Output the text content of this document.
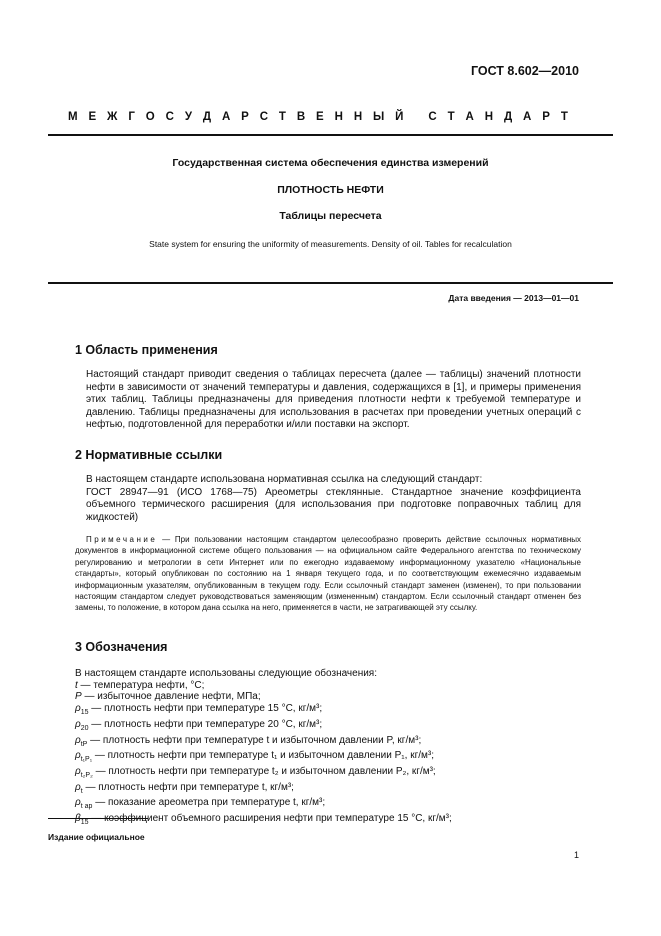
ГОСТ 8.602—2010
М Е Ж Г О С У Д А Р С Т В Е Н Н Ы Й
С Т А Н Д А Р Т
Государственная система обеспечения единства измерений
ПЛОТНОСТЬ НЕФТИ
Таблицы пересчета
State system for ensuring the uniformity of measurements. Density of oil. Tables for recalculation
Дата введения — 2013—01—01
1 Область применения
Настоящий стандарт приводит сведения о таблицах пересчета (далее — таблицы) значений плотности нефти в зависимости от значений температуры и давления, содержащихся в [1], и примеры применения этих таблиц. Таблицы предназначены для приведения плотности нефти к требуемой температуре и давлению. Таблицы предназначены для использования в расчетах при проведении учетных операций с нефтью, подготовленной для переработки и/или поставки на экспорт.
2 Нормативные ссылки
В настоящем стандарте использована нормативная ссылка на следующий стандарт:
ГОСТ 28947—91 (ИСО 1768—75) Ареометры стеклянные. Стандартное значение коэффициента объемного термического расширения (для использования при подготовке поправочных таблиц для жидкостей)
Примечание — При пользовании настоящим стандартом целесообразно проверить действие ссылочных нормативных документов в информационной системе общего пользования — на официальном сайте Федерального агентства по техническому регулированию и метрологии в сети Интернет или по ежегодно издаваемому информационному указателю «Национальные стандарты», который опубликован по состоянию на 1 января текущего года, и по соответствующим ежемесячно издаваемым информационным указателям, опубликованным в текущем году. Если ссылочный стандарт заменен (изменен), то при пользовании настоящим стандартом следует руководствоваться заменяющим (измененным) стандартом. Если ссылочный стандарт отменен без замены, то положение, в котором дана ссылка на него, применяется в части, не затрагивающей эту ссылку.
3 Обозначения
В настоящем стандарте использованы следующие обозначения:
t — температура нефти, °С;
P — избыточное давление нефти, МПа;
$\rho_{15}$ — плотность нефти при температуре 15 °С, кг/м³;
$\rho_{20}$ — плотность нефти при температуре 20 °С, кг/м³;
$\rho_{tP}$ — плотность нефти при температуре t и избыточном давлении P, кг/м³;
$\rho_{t_1P_1}$ — плотность нефти при температуре t₁ и избыточном давлении P₁, кг/м³;
$\rho_{t_2P_2}$ — плотность нефти при температуре t₂ и избыточном давлении P₂, кг/м³;
$\rho_t$ — плотность нефти при температуре t, кг/м³;
$\rho_{t ар}$ — показание ареометра при температуре t, кг/м³;
$\beta_{15}$ — коэффициент объемного расширения нефти при температуре 15 °С, кг/м³;
Издание официальное
1
